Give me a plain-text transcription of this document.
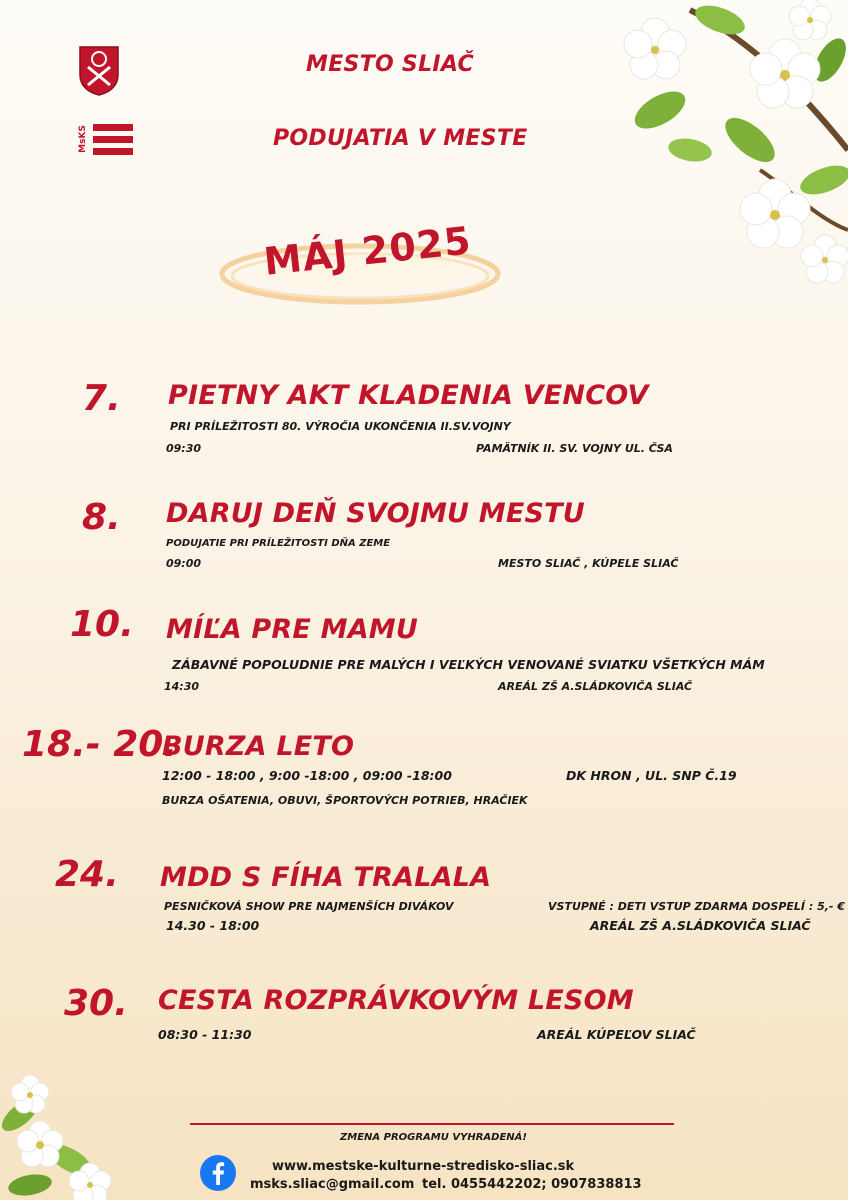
MsKS
MESTO SLIAČ
PODUJATIA V MESTE
MÁJ 2025
7. PIETNY AKT KLADENIA VENCOV
PRI PRÍLEŽITOSTI 80. VÝROČIA UKONČENIA II.SV.VOJNY
09:30	PAMÄTNÍK II. SV. VOJNY UL. ČSA
8. DARUJ DEŇ SVOJMU MESTU
PODUJATIE PRI PRÍLEŽITOSTI DŇA ZEME
09:00	MESTO SLIAČ , KÚPELE SLIAČ
10. MÍĽA PRE MAMU
ZÁBAVNÉ POPOLUDNIE PRE MALÝCH I VEĽKÝCH VENOVANÉ SVIATKU VŠETKÝCH MÁM
14:30	AREÁL ZŠ A.SLÁDKOVIČA SLIAČ
18.- 20.
BURZA LETO
12:00 - 18:00 , 9:00 -18:00 , 09:00 -18:00	DK HRON , UL. SNP Č.19
BURZA OŠATENIA, OBUVI, ŠPORTOVÝCH POTRIEB, HRAČIEK
24. MDD S FÍHA TRALALA
PESNIČKOVÁ SHOW PRE NAJMENŠÍCH DIVÁKOV	VSTUPNÉ : DETI VSTUP ZDARMA DOSPELÍ : 5,- €
14.30 - 18:00	AREÁL ZŠ A.SLÁDKOVIČA SLIAČ
30. CESTA ROZPRÁVKOVÝM LESOM
08:30 - 11:30	AREÁL KÚPEĽOV SLIAČ
ZMENA PROGRAMU VYHRADENÁ!
www.mestske-kulturne-stredisko-sliac.sk
msks.sliac@gmail.com tel. 0455442202; 0907838813
